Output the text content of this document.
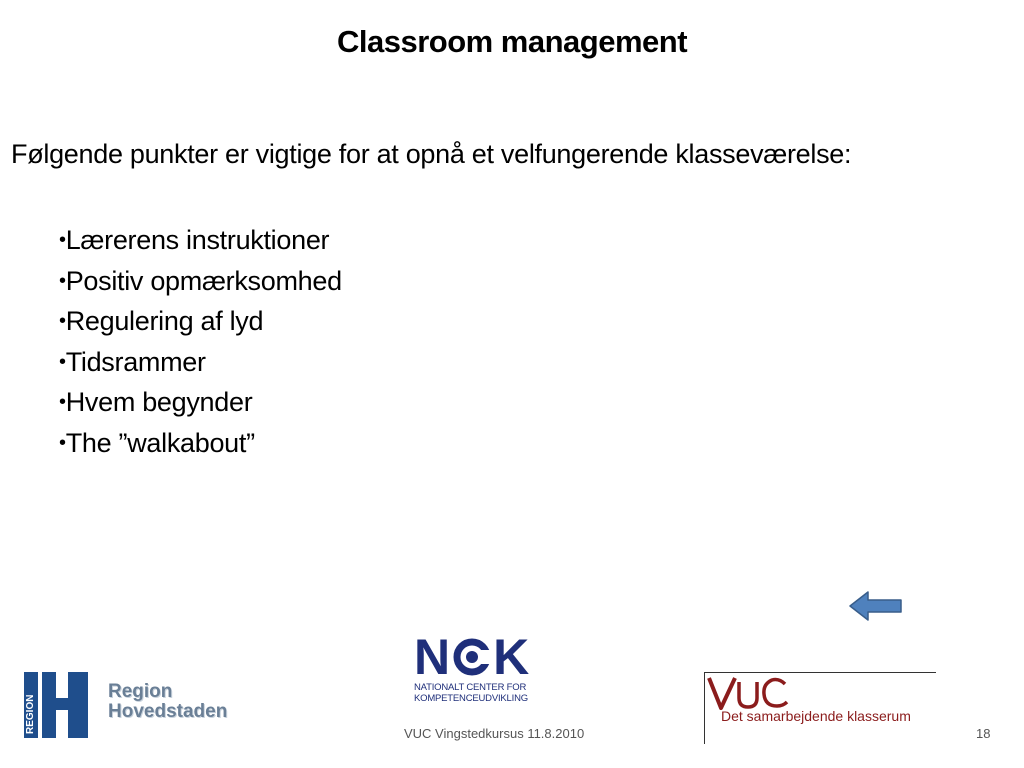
Classroom management
Følgende punkter er vigtige for at opnå et velfungerende klasseværelse:
• Lærerens instruktioner
• Positiv opmærksomhed
• Regulering af lyd
• Tidsrammer
• Hvem begynder
• The ”walkabout”
REGION
Region
Hovedstaden
N K
NATIONALT CENTER FOR
KOMPETENCEUDVIKLING
Det samarbejdende klasserum
VUC Vingstedkursus 11.8.2010	18
